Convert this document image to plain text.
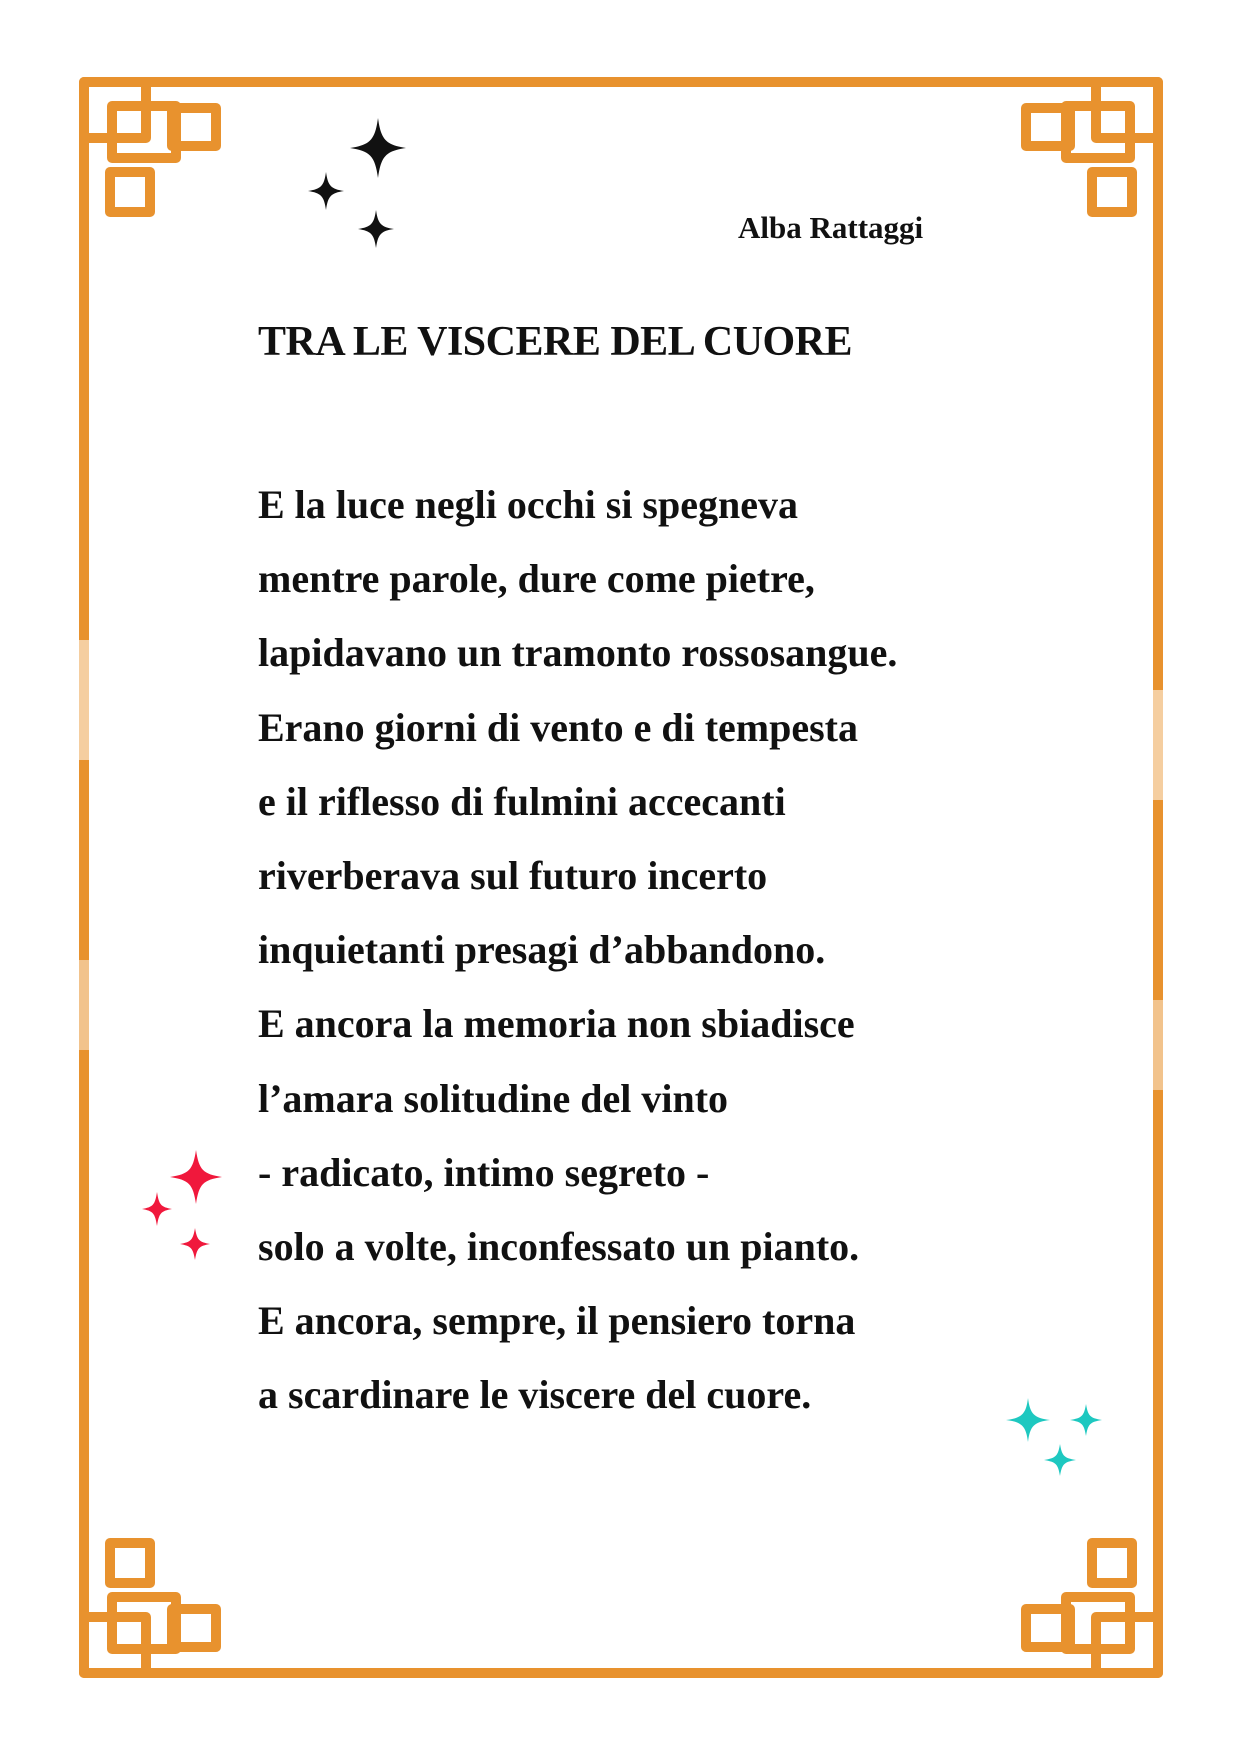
Alba Rattaggi
TRA LE VISCERE DEL CUORE
E la luce negli occhi si spegneva
mentre parole, dure come pietre,
lapidavano un tramonto rossosangue.
Erano giorni di vento e di tempesta
e il riflesso di fulmini accecanti
riverberava sul futuro incerto
inquietanti presagi d’abbandono.
E ancora la memoria non sbiadisce
l’amara solitudine del vinto
- radicato, intimo segreto -
solo a volte, inconfessato un pianto.
E ancora, sempre, il pensiero torna
a scardinare le viscere del cuore.
